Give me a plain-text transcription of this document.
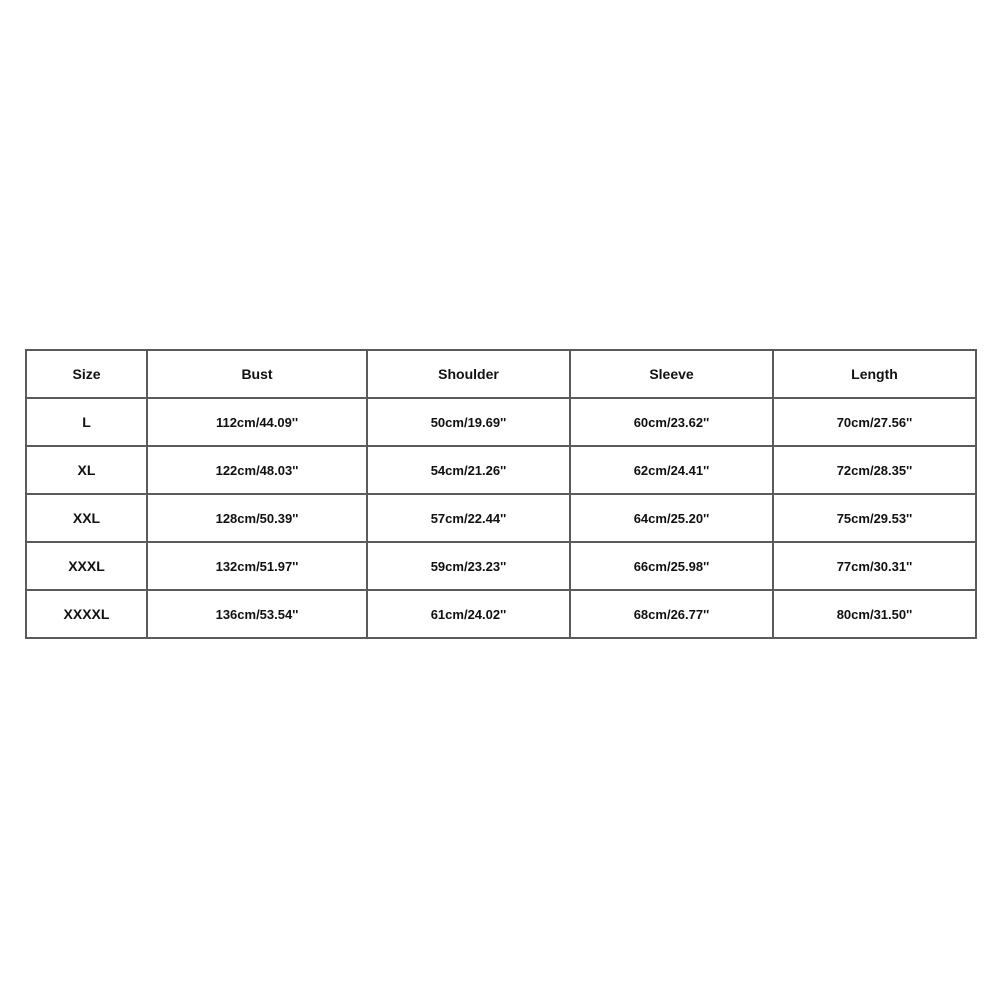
Size	Bust	Shoulder	Sleeve	Length
L	112cm/44.09''	50cm/19.69''	60cm/23.62''	70cm/27.56''
XL	122cm/48.03''	54cm/21.26''	62cm/24.41''	72cm/28.35''
XXL	128cm/50.39''	57cm/22.44''	64cm/25.20''	75cm/29.53''
XXXL	132cm/51.97''	59cm/23.23''	66cm/25.98''	77cm/30.31''
XXXXL	136cm/53.54''	61cm/24.02''	68cm/26.77''	80cm/31.50''
